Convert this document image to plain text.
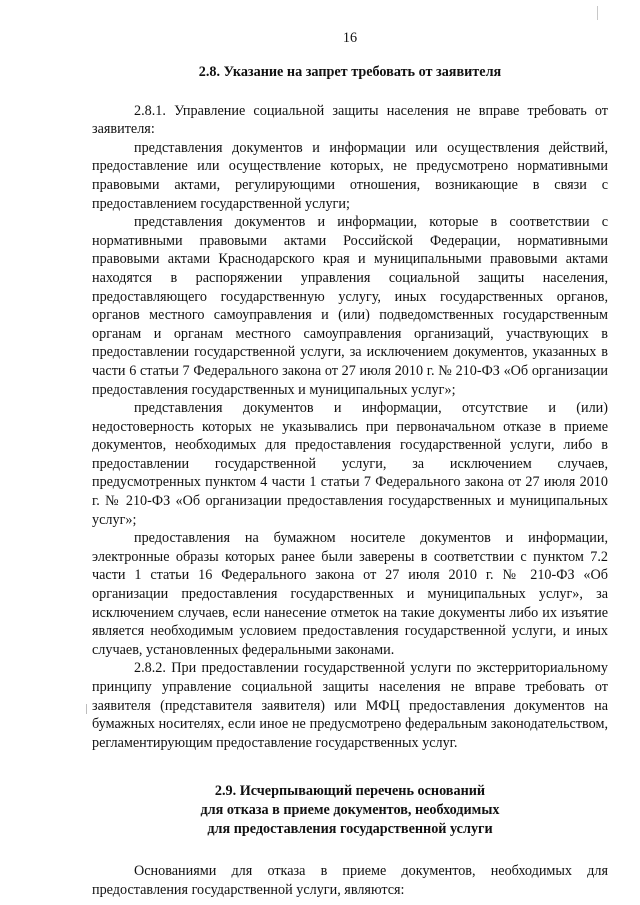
16

2.8. Указание на запрет требовать от заявителя

2.8.1. Управление социальной защиты населения не вправе требовать от заявителя:

представления документов и информации или осуществления действий, предоставление или осуществление которых, не предусмотрено нормативными правовыми актами, регулирующими отношения, возникающие в связи с предоставлением государственной услуги;

представления документов и информации, которые в соответствии с нормативными правовыми актами Российской Федерации, нормативными правовыми актами Краснодарского края и муниципальными правовыми актами находятся в распоряжении управления социальной защиты населения, предоставляющего государственную услугу, иных государственных органов, органов местного самоуправления и (или) подведомственных государственным органам и органам местного самоуправления организаций, участвующих в предоставлении государственной услуги, за исключением документов, указанных в части 6 статьи 7 Федерального закона от 27 июля 2010 г. № 210-ФЗ «Об организации предоставления государственных и муниципальных услуг»;

представления документов и информации, отсутствие и (или) недостоверность которых не указывались при первоначальном отказе в приеме документов, необходимых для предоставления государственной услуги, либо в предоставлении государственной услуги, за исключением случаев, предусмотренных пунктом 4 части 1 статьи 7 Федерального закона от 27 июля 2010 г. № 210-ФЗ «Об организации предоставления государственных и муниципальных услуг»;

предоставления на бумажном носителе документов и информации, электронные образы которых ранее были заверены в соответствии с пунктом 7.2 части 1 статьи 16 Федерального закона от 27 июля 2010 г. № 210-ФЗ «Об организации предоставления государственных и муниципальных услуг», за исключением случаев, если нанесение отметок на такие документы либо их изъятие является необходимым условием предоставления государственной услуги, и иных случаев, установленных федеральными законами.

2.8.2. При предоставлении государственной услуги по экстерриториальному принципу управление социальной защиты населения не вправе требовать от заявителя (представителя заявителя) или МФЦ предоставления документов на бумажных носителях, если иное не предусмотрено федеральным законодательством, регламентирующим предоставление государственных услуг.

2.9. Исчерпывающий перечень оснований
для отказа в приеме документов, необходимых
для предоставления государственной услуги

Основаниями для отказа в приеме документов, необходимых для предоставления государственной услуги, являются:
